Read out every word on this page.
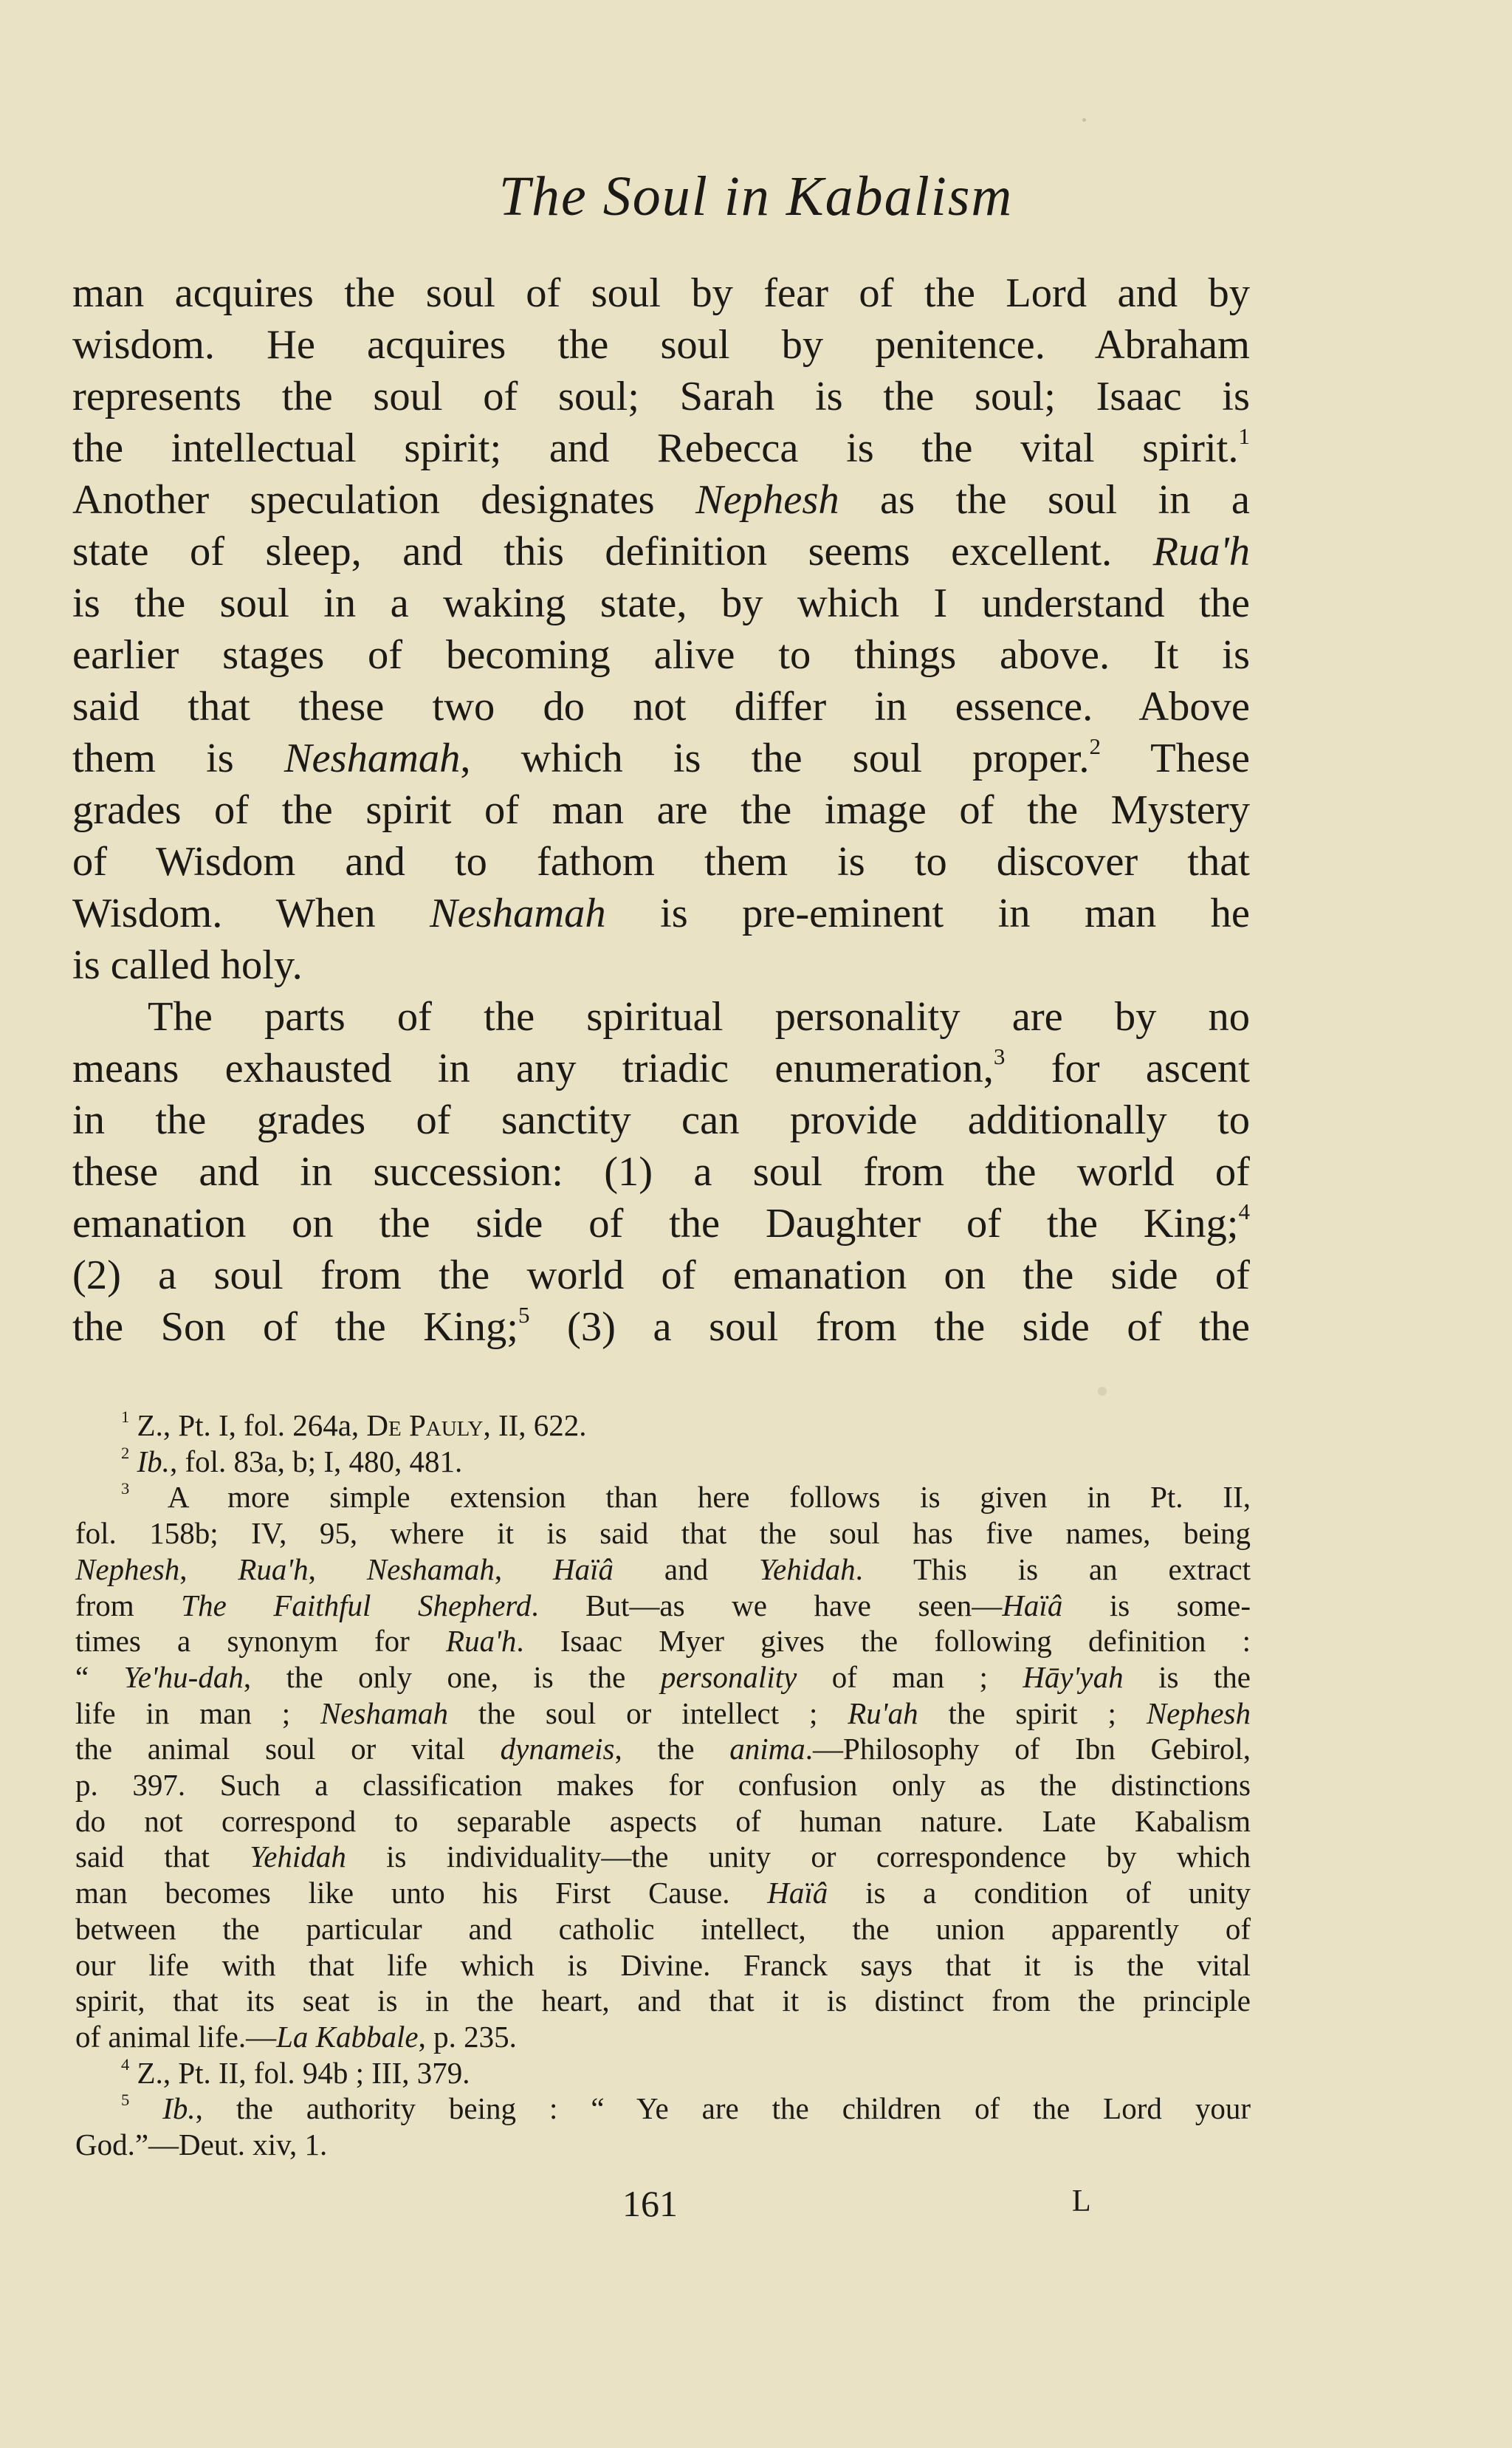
The Soul in Kabalism
man acquires the soul of soul by fear of the Lord and by
wisdom. He acquires the soul by penitence. Abraham
represents the soul of soul; Sarah is the soul; Isaac is
the intellectual spirit; and Rebecca is the vital spirit.$^1$
Another speculation designates Nephesh as the soul in a
state of sleep, and this definition seems excellent. Rua'h
is the soul in a waking state, by which I understand the
earlier stages of becoming alive to things above. It is
said that these two do not differ in essence. Above
them is Neshamah, which is the soul proper.$^2$ These
grades of the spirit of man are the image of the Mystery
of Wisdom and to fathom them is to discover that
Wisdom. When Neshamah is pre-eminent in man he
is called holy.
The parts of the spiritual personality are by no
means exhausted in any triadic enumeration,$^3$ for ascent
in the grades of sanctity can provide additionally to
these and in succession: (1) a soul from the world of
emanation on the side of the Daughter of the King;$^4$
(2) a soul from the world of emanation on the side of
the Son of the King;$^5$ (3) a soul from the side of the
$^1$ Z., Pt. I, fol. 264a, De Pauly, II, 622.
$^2$ Ib., fol. 83a, b; I, 480, 481.
$^3$ A more simple extension than here follows is given in Pt. II,
fol. 158b; IV, 95, where it is said that the soul has five names, being
Nephesh, Rua'h, Neshamah, Haïâ and Yehidah. This is an extract
from The Faithful Shepherd. But—as we have seen—Haïâ is some-
times a synonym for Rua'h. Isaac Myer gives the following definition :
“ Ye'hu-dah, the only one, is the personality of man ; Hāy'yah is the
life in man ; Neshamah the soul or intellect ; Ru'ah the spirit ; Nephesh
the animal soul or vital dynameis, the anima.—Philosophy of Ibn Gebirol,
p. 397. Such a classification makes for confusion only as the distinctions
do not correspond to separable aspects of human nature. Late Kabalism
said that Yehidah is individuality—the unity or correspondence by which
man becomes like unto his First Cause. Haïâ is a condition of unity
between the particular and catholic intellect, the union apparently of
our life with that life which is Divine. Franck says that it is the vital
spirit, that its seat is in the heart, and that it is distinct from the principle
of animal life.—La Kabbale, p. 235.
$^4$ Z., Pt. II, fol. 94b ; III, 379.
$^5$ Ib., the authority being : “ Ye are the children of the Lord your
God.”—Deut. xiv, 1.
161	L
